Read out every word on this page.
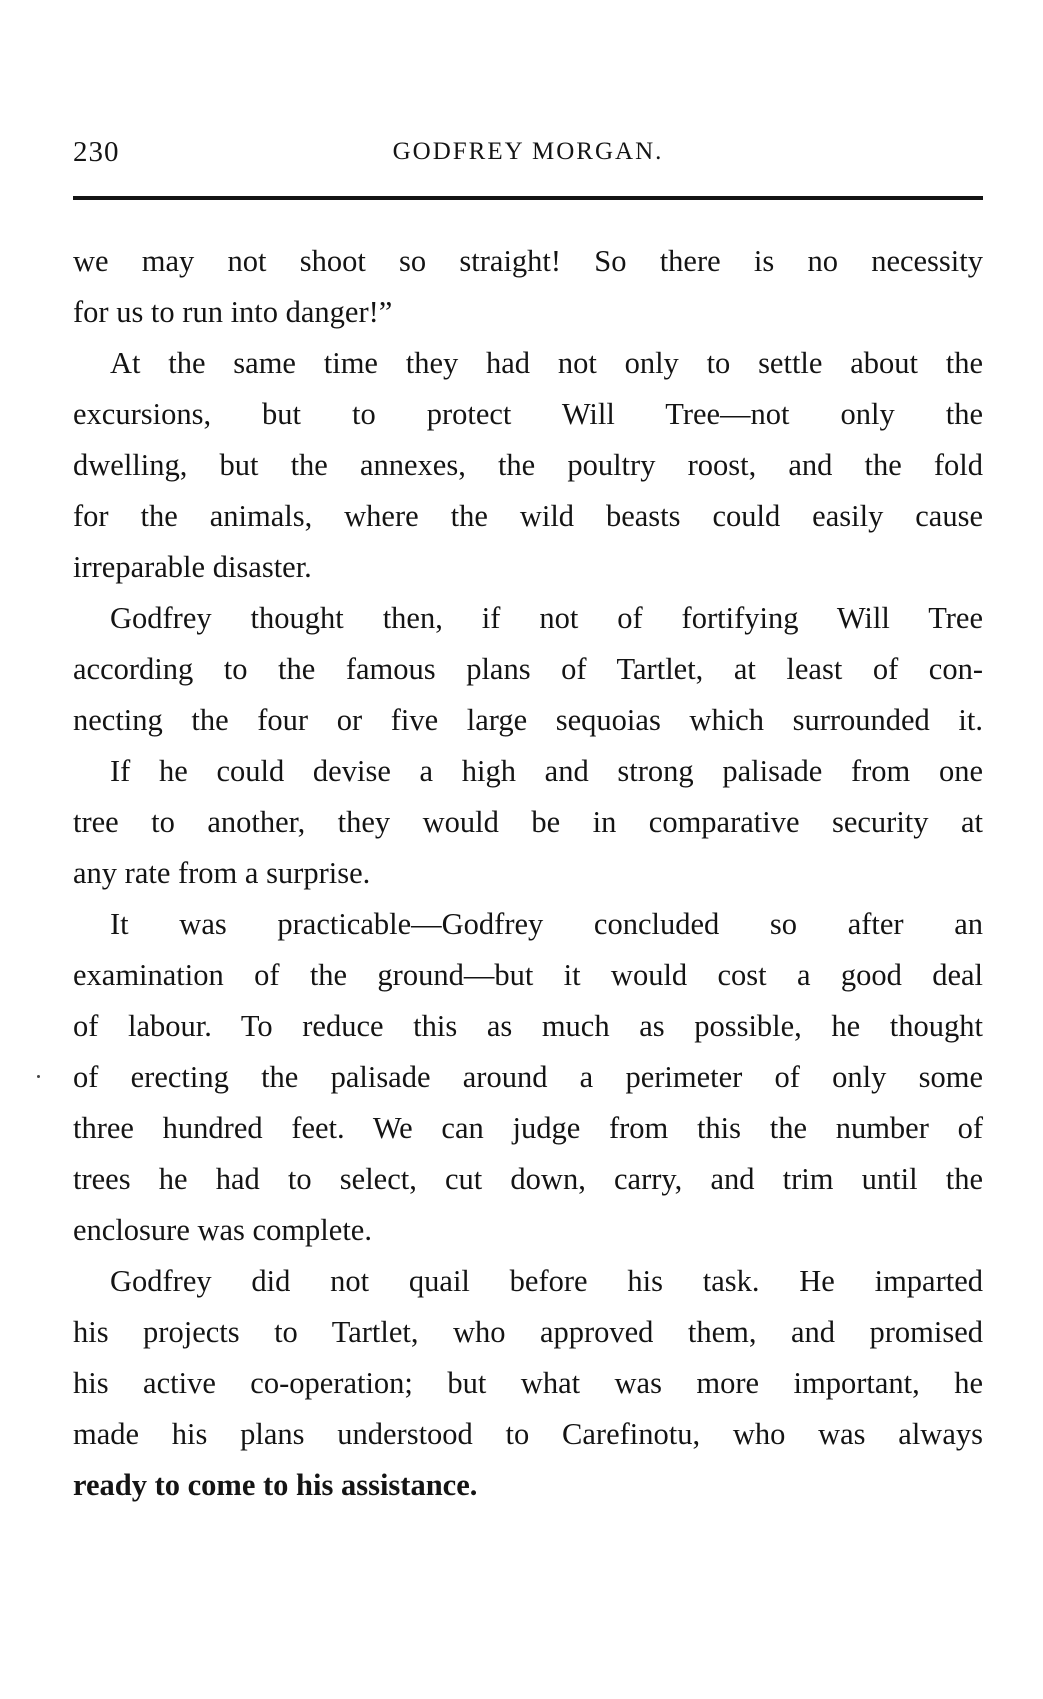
230	GODFREY MORGAN.
we may not shoot so straight! So there is no necessity
for us to run into danger!”
At the same time they had not only to settle about the
excursions, but to protect Will Tree—not only the
dwelling, but the annexes, the poultry roost, and the fold
for the animals, where the wild beasts could easily cause
irreparable disaster.
Godfrey thought then, if not of fortifying Will Tree
according to the famous plans of Tartlet, at least of con-
necting the four or five large sequoias which surrounded it.
If he could devise a high and strong palisade from one
tree to another, they would be in comparative security at
any rate from a surprise.
It was practicable—Godfrey concluded so after an
examination of the ground—but it would cost a good deal
of labour. To reduce this as much as possible, he thought
of erecting the palisade around a perimeter of only some
three hundred feet. We can judge from this the number of
trees he had to select, cut down, carry, and trim until the
enclosure was complete.
Godfrey did not quail before his task. He imparted
his projects to Tartlet, who approved them, and promised
his active co-operation; but what was more important, he
made his plans understood to Carefinotu, who was always
ready to come to his assistance.
